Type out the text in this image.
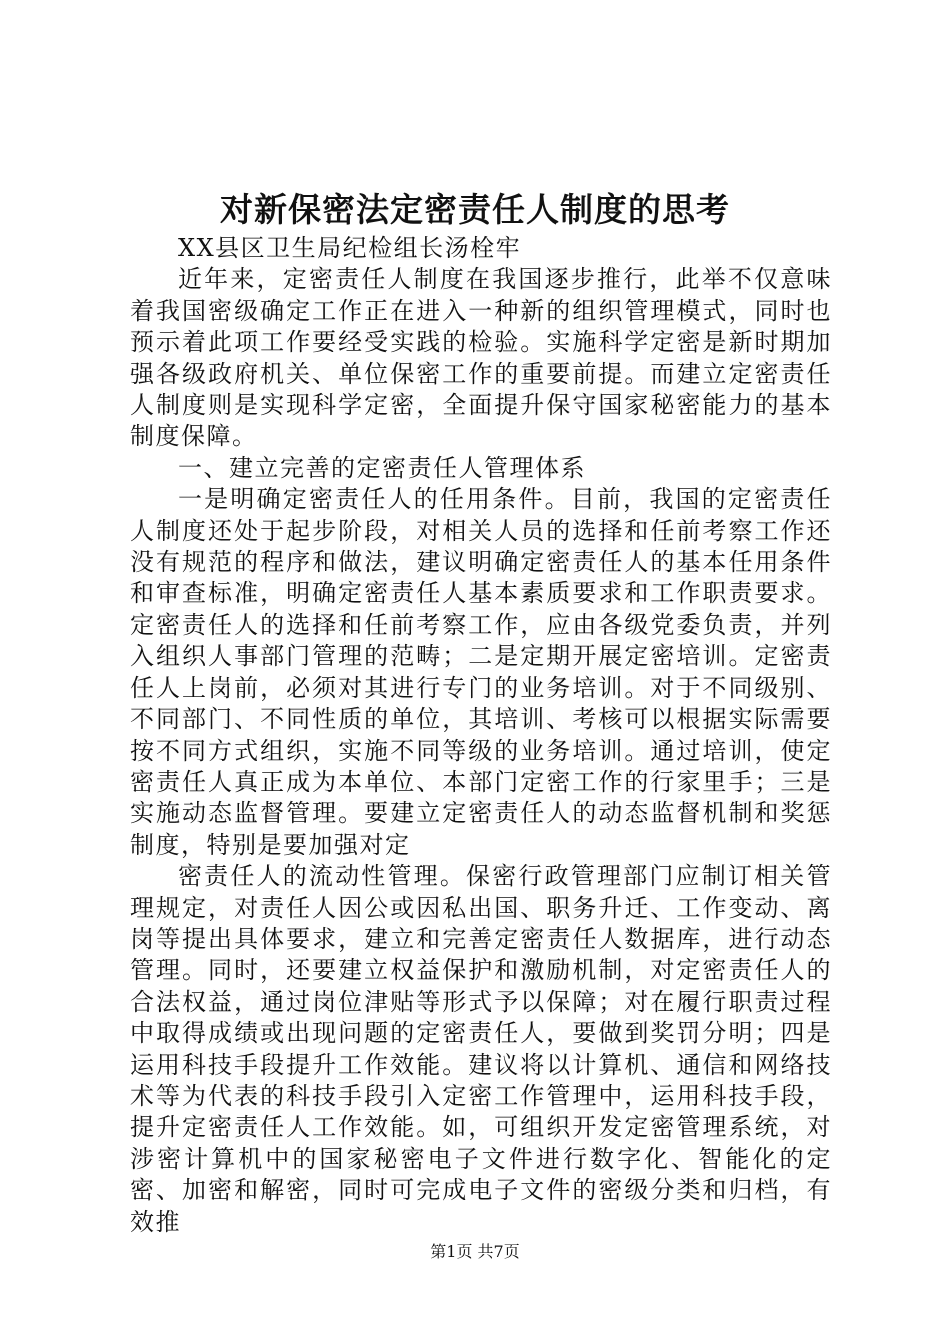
对新保密法定密责任人制度的思考

XX县区卫生局纪检组长汤栓牢

近年来，定密责任人制度在我国逐步推行，此举不仅意味着我国密级确定工作正在进入一种新的组织管理模式，同时也预示着此项工作要经受实践的检验。实施科学定密是新时期加强各级政府机关、单位保密工作的重要前提。而建立定密责任人制度则是实现科学定密，全面提升保守国家秘密能力的基本制度保障。

一、建立完善的定密责任人管理体系

一是明确定密责任人的任用条件。目前，我国的定密责任人制度还处于起步阶段，对相关人员的选择和任前考察工作还没有规范的程序和做法，建议明确定密责任人的基本任用条件和审查标准，明确定密责任人基本素质要求和工作职责要求。定密责任人的选择和任前考察工作，应由各级党委负责，并列入组织人事部门管理的范畴；二是定期开展定密培训。定密责任人上岗前，必须对其进行专门的业务培训。对于不同级别、不同部门、不同性质的单位，其培训、考核可以根据实际需要按不同方式组织，实施不同等级的业务培训。通过培训，使定密责任人真正成为本单位、本部门定密工作的行家里手；三是实施动态监督管理。要建立定密责任人的动态监督机制和奖惩制度，特别是要加强对定

密责任人的流动性管理。保密行政管理部门应制订相关管理规定，对责任人因公或因私出国、职务升迁、工作变动、离岗等提出具体要求，建立和完善定密责任人数据库，进行动态管理。同时，还要建立权益保护和激励机制，对定密责任人的合法权益，通过岗位津贴等形式予以保障；对在履行职责过程中取得成绩或出现问题的定密责任人，要做到奖罚分明；四是运用科技手段提升工作效能。建议将以计算机、通信和网络技术等为代表的科技手段引入定密工作管理中，运用科技手段，提升定密责任人工作效能。如，可组织开发定密管理系统，对涉密计算机中的国家秘密电子文件进行数字化、智能化的定密、加密和解密，同时可完成电子文件的密级分类和归档，有效推

第1页 共7页
